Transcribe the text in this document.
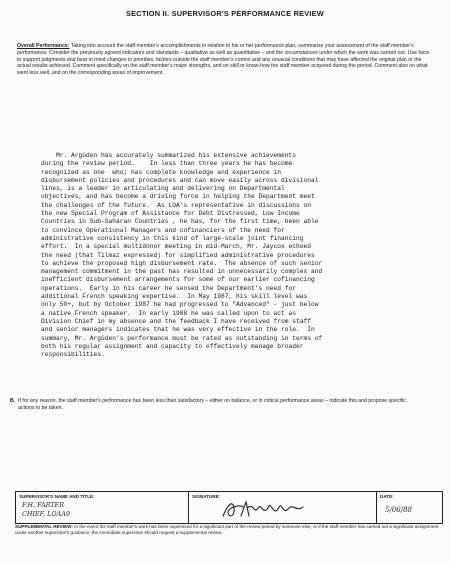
SECTION II. SUPERVISOR'S PERFORMANCE REVIEW
Overall Performance: Taking into account the staff member's accomplishments in relation to his or her performance plan, summarize your assessment of the staff member's performance. Consider the previously agreed indicators and standards – qualitative as well as quantitative – and the circumstances under which the work was carried out. Use facts to support judgments and bear in mind changes in priorities, factors outside the staff member's control and any unusual conditions that may have affected the original plan or the actual results achieved. Comment specifically on the staff member's major strengths, and on skill or know-how the staff member acquired during the period. Comment also on what went less well, and on the corresponding areas of improvement.
Mr. Argüden has accurately summarized his extensive achievements
during the review period.    In less than three years he has become
recognized as one  who; has complete knowledge and experience in
disbursement policies and procedures and can move easily across divisional
lines, is a leader in articulating and delivering on Departmental
objectives, and has become a driving force in helping the Department meet
the challenges of the future.  As LOA's representative in discussions on
the new Special Program of Assistance for Debt Distressed, Low Income
Countries in Sub-Saharan Countries , he has, for the first time, been able
to convince Operational Managers and cofinanciers of the need for
administrative consistency in this kind of large-scale joint financing
effort.  In a special multidonor meeting in mid-March, Mr. Jaycox echoed
the need (that Tilmaz expressed) for simplified administrative procedures
to achieve the proposed high disbursement rate.  The absence of such senior
management commitment in the past has resulted in unnecessarily complex and
inefficient disbursement arrangements for some of our earlier cofinancing
operations.  Early in his career he sensed the Department's need for
additional French speaking expertise.  In May 1987, his skill level was
only 50+, but by October 1987 he had progressed to "Advanced" - just below
a native French speaker.  In early 1988 he was called upon to act as
Division Chief in my absence and the feedback I have received from staff
and senior managers indicates that he was very effective in the role.  In
summary, Mr. Argüden's performance must be rated as outstanding in terms of
both his regular assignment and capacity to effectively manage broader
responsibilities.
B. If for any reason, the staff member's performance has been less than satisfactory – either on balance, or in critical performance areas – indicate this and propose specific actions to be taken.
SUPERVISOR'S NAME AND TITLE:
F.H. FARTER
CHIEF, LOAA9
SIGNATURE:	DATE:
5/06/88
SUPPLEMENTAL REVIEW: In the event the staff member's work has been supervised for a significant part of the review period by someone else, or if the staff member has carried out a significant assignment under another supervisor's guidance, the immediate supervisor should request a supplemental review.
